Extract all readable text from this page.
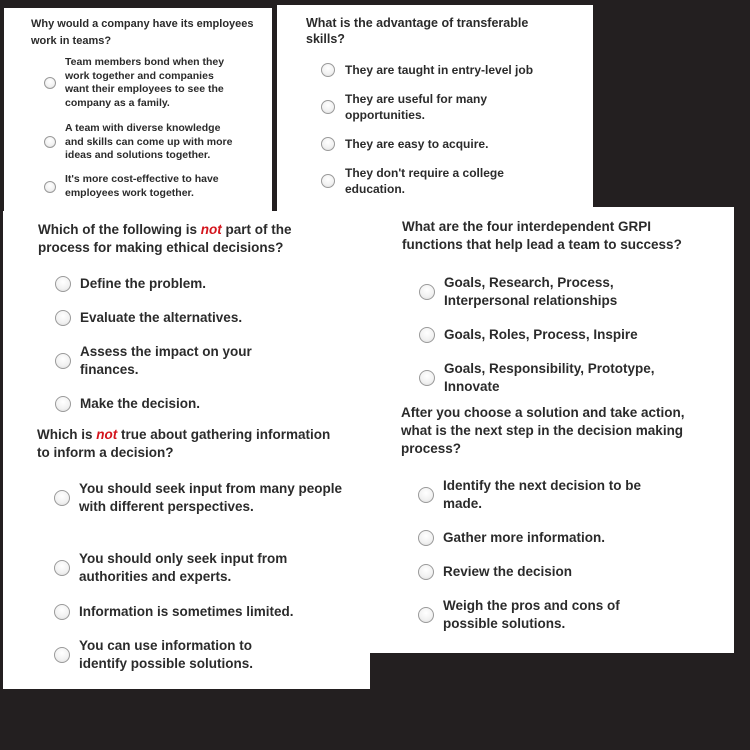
Why would a company have its employees work in teams?
Team members bond when they work together and companies want their employees to see the company as a family.
A team with diverse knowledge and skills can come up with more ideas and solutions together.
It's more cost-effective to have employees work together.
What is the advantage of transferable skills?
They are taught in entry-level job
They are useful for many opportunities.
They are easy to acquire.
They don't require a college education.
What are the four interdependent GRPI functions that help lead a team to success?
Goals, Research, Process, Interpersonal relationships
Goals, Roles, Process, Inspire
Goals, Responsibility, Prototype, Innovate
After you choose a solution and take action, what is the next step in the decision making process?
Identify the next decision to be made.
Gather more information.
Review the decision
Weigh the pros and cons of possible solutions.
Which of the following is not part of the process for making ethical decisions?
Define the problem.
Evaluate the alternatives.
Assess the impact on your finances.
Make the decision.
Which is not true about gathering information to inform a decision?
You should seek input from many people with different perspectives.
You should only seek input from authorities and experts.
Information is sometimes limited.
You can use information to identify possible solutions.
